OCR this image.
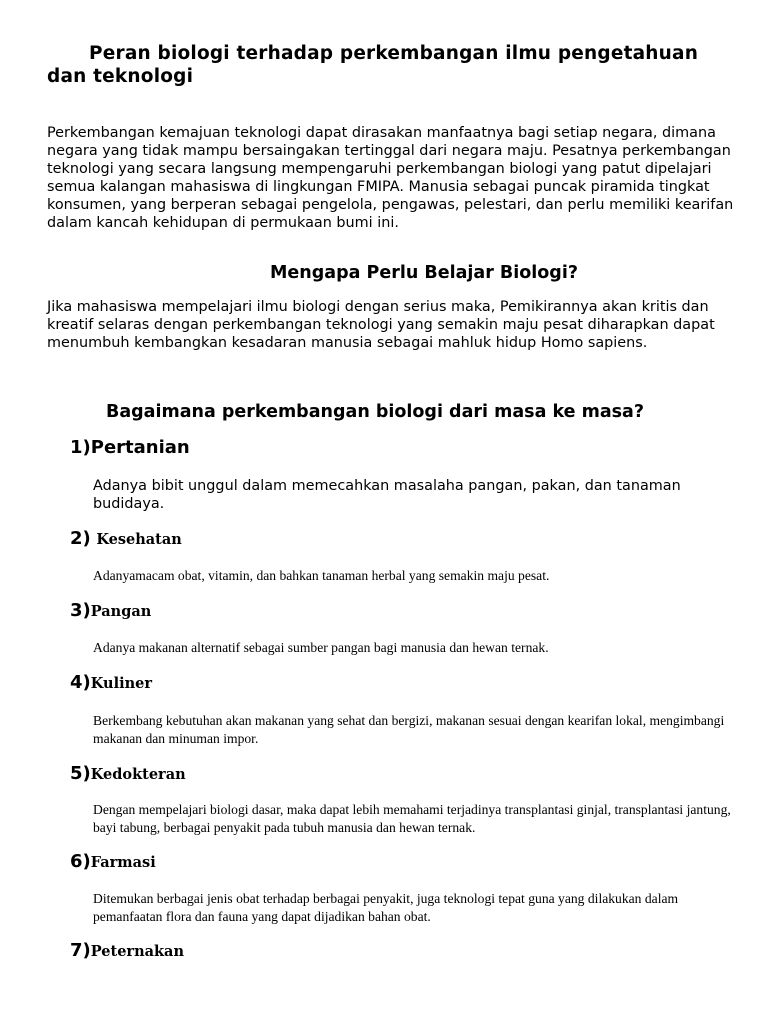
Peran biologi terhadap perkembangan ilmu pengetahuan dan teknologi
Perkembangan kemajuan teknologi dapat dirasakan manfaatnya bagi setiap negara, dimana negara yang tidak mampu bersaingakan tertinggal dari negara maju. Pesatnya perkembangan teknologi yang secara langsung mempengaruhi perkembangan biologi yang patut dipelajari semua kalangan mahasiswa di lingkungan FMIPA. Manusia sebagai puncak piramida tingkat konsumen, yang berperan sebagai pengelola, pengawas, pelestari, dan perlu memiliki kearifan dalam kancah kehidupan di permukaan bumi ini.
Mengapa Perlu Belajar Biologi?
Jika mahasiswa mempelajari ilmu biologi dengan serius maka, Pemikirannya akan kritis dan kreatif selaras dengan perkembangan teknologi yang semakin maju pesat diharapkan dapat menumbuh kembangkan kesadaran manusia sebagai mahluk hidup Homo sapiens.
Bagaimana perkembangan biologi dari masa ke masa?
1)Pertanian
Adanya bibit unggul dalam memecahkan masalaha pangan, pakan, dan tanaman budidaya.
2) Kesehatan
Adanyamacam obat, vitamin, dan bahkan tanaman herbal yang semakin maju pesat.
3)Pangan
Adanya makanan alternatif sebagai sumber pangan bagi manusia dan hewan ternak.
4)Kuliner
Berkembang kebutuhan akan makanan yang sehat dan bergizi, makanan sesuai dengan kearifan lokal, mengimbangi makanan dan minuman impor.
5)Kedokteran
Dengan mempelajari biologi dasar, maka dapat lebih memahami terjadinya transplantasi ginjal, transplantasi jantung, bayi tabung, berbagai penyakit pada tubuh manusia dan hewan ternak.
6)Farmasi
Ditemukan berbagai jenis obat terhadap berbagai penyakit, juga teknologi tepat guna yang dilakukan dalam pemanfaatan flora dan fauna yang dapat dijadikan bahan obat.
7)Peternakan
